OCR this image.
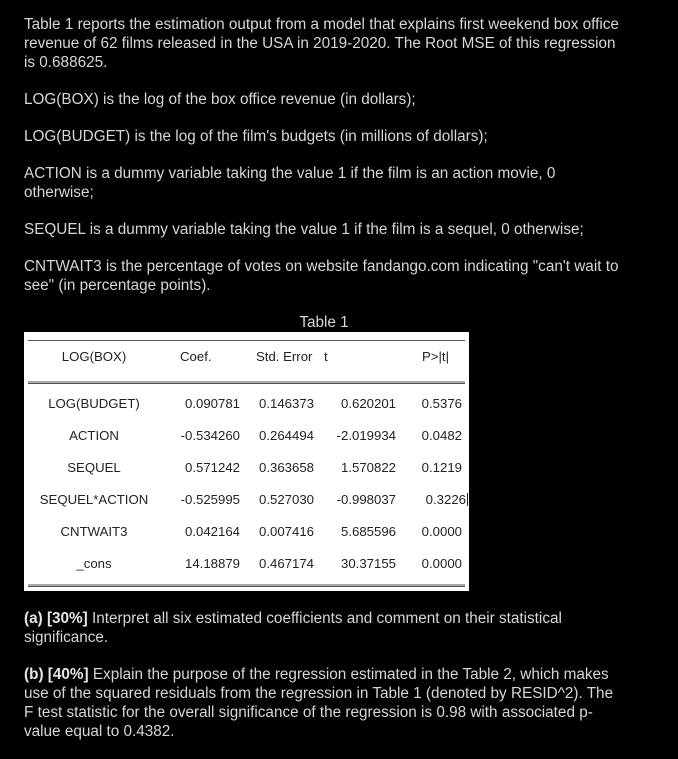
Table 1 reports the estimation output from a model that explains first weekend box office revenue of 62 films released in the USA in 2019-2020. The Root MSE of this regression is 0.688625.

LOG(BOX) is the log of the box office revenue (in dollars);

LOG(BUDGET) is the log of the film's budgets (in millions of dollars);

ACTION is a dummy variable taking the value 1 if the film is an action movie, 0 otherwise;

SEQUEL is a dummy variable taking the value 1 if the film is a sequel, 0 otherwise;

CNTWAIT3 is the percentage of votes on website fandango.com indicating "can't wait to see" (in percentage points).

Table 1
LOG(BOX)	Coef.	Std. Error t	P>|t|
LOG(BUDGET)	0.090781	0.146373	0.620201	0.5376
ACTION	-0.534260	0.264494 -2.019934	0.0482
SEQUEL	0.571242	0.363658	1.570822	0.1219
SEQUEL*ACTION	-0.525995	0.527030 -0.998037	0.3226
CNTWAIT3	0.042164	0.007416	5.685596	0.0000
_cons	14.18879	0.467174	30.37155	0.0000

(a) [30%] Interpret all six estimated coefficients and comment on their statistical significance.

(b) [40%] Explain the purpose of the regression estimated in the Table 2, which makes use of the squared residuals from the regression in Table 1 (denoted by RESID^2). The F test statistic for the overall significance of the regression is 0.98 with associated p-value equal to 0.4382.
